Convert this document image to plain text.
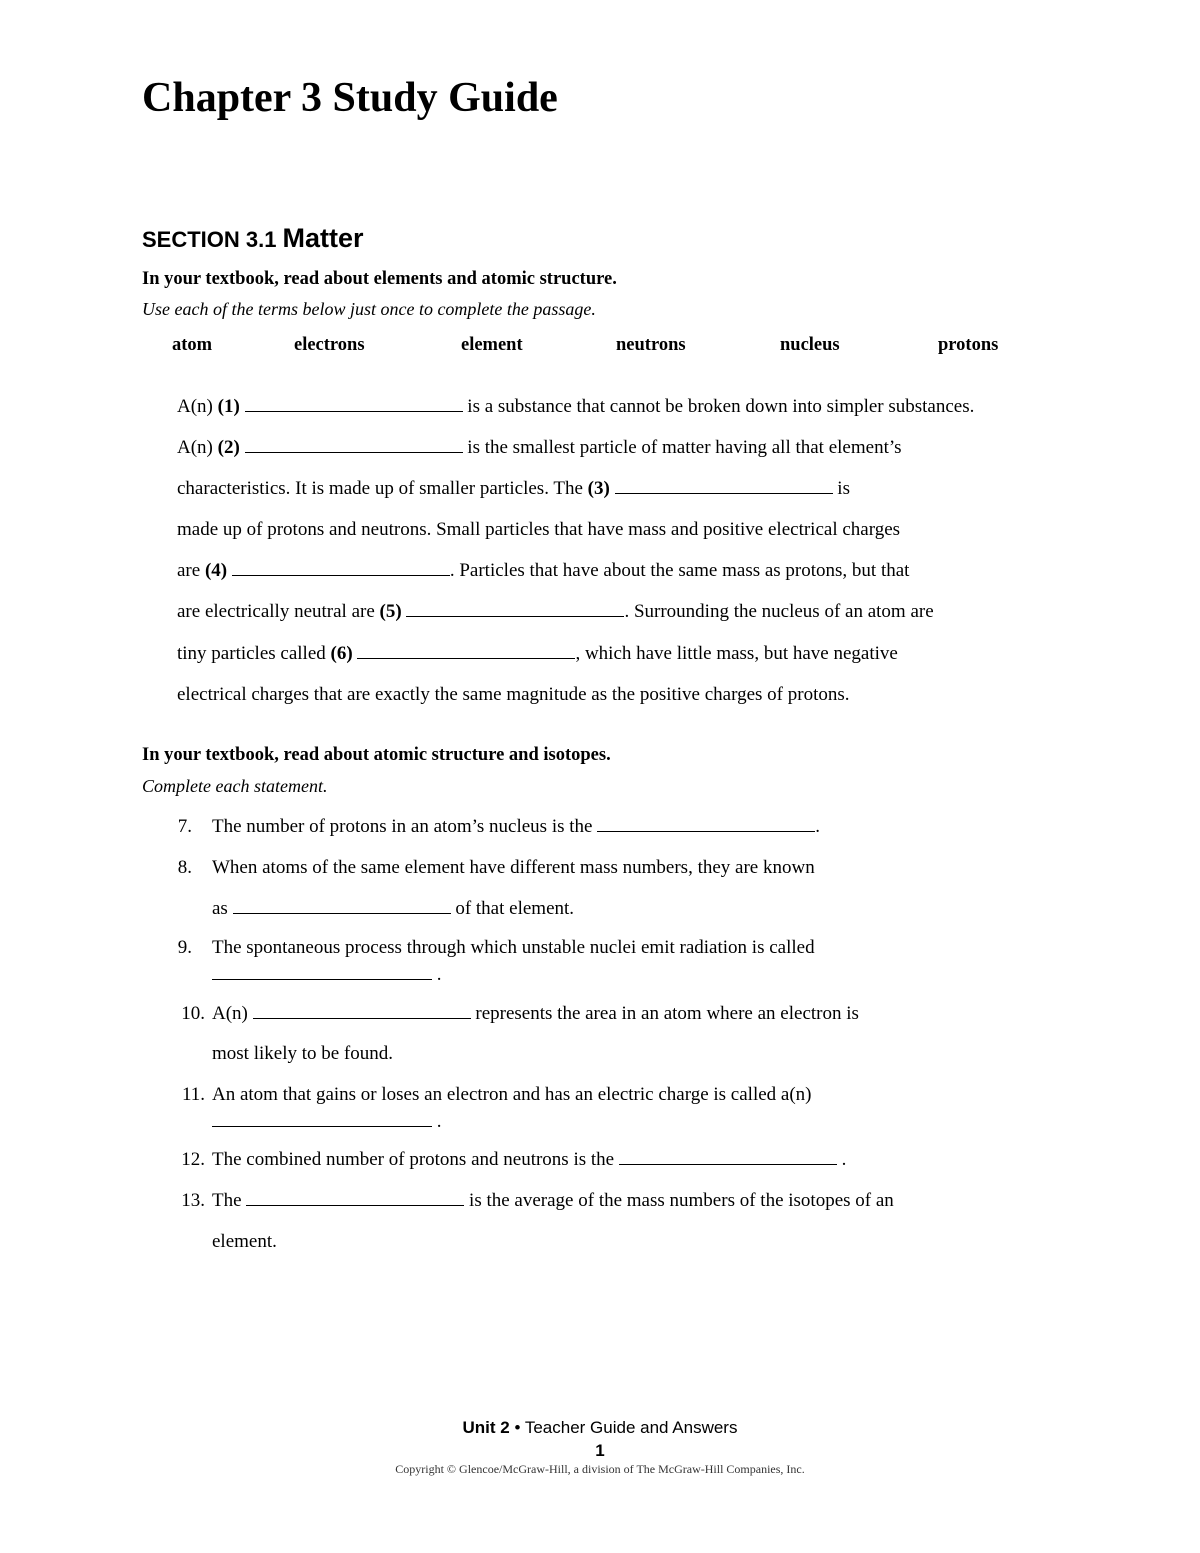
Chapter 3 Study Guide
SECTION 3.1 Matter
In your textbook, read about elements and atomic structure.
Use each of the terms below just once to complete the passage.
atom	electrons	element	neutrons	nucleus	protons
A(n) (1)	is a substance that cannot be broken down into simpler substances.
A(n) (2)	is the smallest particle of matter having all that element’s
characteristics. It is made up of smaller particles. The (3)	is
made up of protons and neutrons. Small particles that have mass and positive electrical charges
are (4)	. Particles that have about the same mass as protons, but that
are electrically neutral are (5)	. Surrounding the nucleus of an atom are
tiny particles called (6)	, which have little mass, but have negative
electrical charges that are exactly the same magnitude as the positive charges of protons.
In your textbook, read about atomic structure and isotopes.
Complete each statement.
7. The number of protons in an atom’s nucleus is the	.
8. When atoms of the same element have different mass numbers, they are known
as	of that element.
9. The spontaneous process through which unstable nuclei emit radiation is called
.
10. A(n)	represents the area in an atom where an electron is
most likely to be found.
11. An atom that gains or loses an electron and has an electric charge is called a(n)
.
12. The combined number of protons and neutrons is the	.
13. The	is the average of the mass numbers of the isotopes of an
element.
Unit 2 • Teacher Guide and Answers
1
Copyright © Glencoe/McGraw-Hill, a division of The McGraw-Hill Companies, Inc.
